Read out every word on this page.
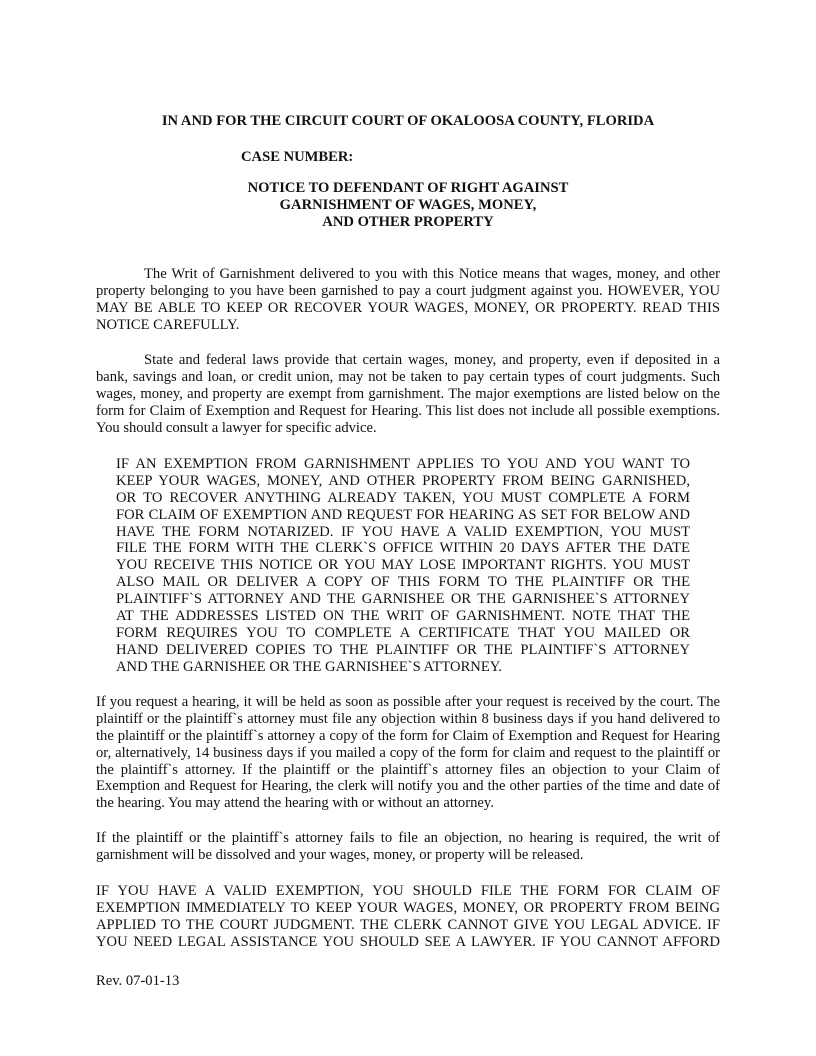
IN AND FOR THE CIRCUIT COURT OF OKALOOSA COUNTY, FLORIDA
CASE NUMBER:
NOTICE TO DEFENDANT OF RIGHT AGAINST
GARNISHMENT OF WAGES, MONEY,
AND OTHER PROPERTY
The Writ of Garnishment delivered to you with this Notice means that wages, money, and other
property belonging to you have been garnished to pay a court judgment against you. HOWEVER, YOU
MAY BE ABLE TO KEEP OR RECOVER YOUR WAGES, MONEY, OR PROPERTY. READ THIS
NOTICE CAREFULLY.
State and federal laws provide that certain wages, money, and property, even if deposited in a
bank, savings and loan, or credit union, may not be taken to pay certain types of court judgments. Such
wages, money, and property are exempt from garnishment. The major exemptions are listed below on the
form for Claim of Exemption and Request for Hearing. This list does not include all possible exemptions.
You should consult a lawyer for specific advice.
IF AN EXEMPTION FROM GARNISHMENT APPLIES TO YOU AND YOU WANT TO
KEEP YOUR WAGES, MONEY, AND OTHER PROPERTY FROM BEING GARNISHED,
OR TO RECOVER ANYTHING ALREADY TAKEN, YOU MUST COMPLETE A FORM
FOR CLAIM OF EXEMPTION AND REQUEST FOR HEARING AS SET FOR BELOW AND
HAVE THE FORM NOTARIZED. IF YOU HAVE A VALID EXEMPTION, YOU MUST
FILE THE FORM WITH THE CLERK`S OFFICE WITHIN 20 DAYS AFTER THE DATE
YOU RECEIVE THIS NOTICE OR YOU MAY LOSE IMPORTANT RIGHTS. YOU MUST
ALSO MAIL OR DELIVER A COPY OF THIS FORM TO THE PLAINTIFF OR THE
PLAINTIFF`S ATTORNEY AND THE GARNISHEE OR THE GARNISHEE`S ATTORNEY
AT THE ADDRESSES LISTED ON THE WRIT OF GARNISHMENT. NOTE THAT THE
FORM REQUIRES YOU TO COMPLETE A CERTIFICATE THAT YOU MAILED OR
HAND DELIVERED COPIES TO THE PLAINTIFF OR THE PLAINTIFF`S ATTORNEY
AND THE GARNISHEE OR THE GARNISHEE`S ATTORNEY.
If you request a hearing, it will be held as soon as possible after your request is received by the court. The
plaintiff or the plaintiff`s attorney must file any objection within 8 business days if you hand delivered to
the plaintiff or the plaintiff`s attorney a copy of the form for Claim of Exemption and Request for Hearing
or, alternatively, 14 business days if you mailed a copy of the form for claim and request to the plaintiff or
the plaintiff`s attorney. If the plaintiff or the plaintiff`s attorney files an objection to your Claim of
Exemption and Request for Hearing, the clerk will notify you and the other parties of the time and date of
the hearing. You may attend the hearing with or without an attorney.
If the plaintiff or the plaintiff`s attorney fails to file an objection, no hearing is required, the writ of
garnishment will be dissolved and your wages, money, or property will be released.
IF YOU HAVE A VALID EXEMPTION, YOU SHOULD FILE THE FORM FOR CLAIM OF
EXEMPTION IMMEDIATELY TO KEEP YOUR WAGES, MONEY, OR PROPERTY FROM BEING
APPLIED TO THE COURT JUDGMENT. THE CLERK CANNOT GIVE YOU LEGAL ADVICE. IF
YOU NEED LEGAL ASSISTANCE YOU SHOULD SEE A LAWYER. IF YOU CANNOT AFFORD
Rev. 07-01-13
